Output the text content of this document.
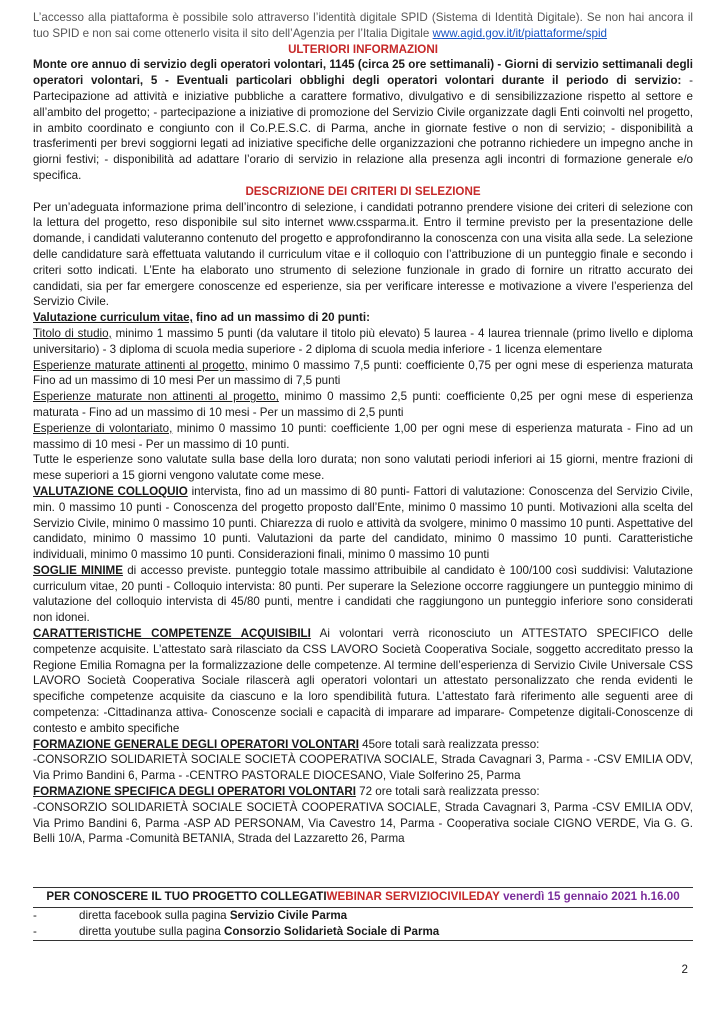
L’accesso alla piattaforma è possibile solo attraverso l’identità digitale SPID (Sistema di Identità Digitale). Se non hai ancora il tuo SPID e non sai come ottenerlo visita il sito dell’Agenzia per l’Italia Digitale www.agid.gov.it/it/piattaforme/spid

ULTERIORI INFORMAZIONI

Monte ore annuo di servizio degli operatori volontari, 1145 (circa 25 ore settimanali) - Giorni di servizio settimanali degli operatori volontari, 5 - Eventuali particolari obblighi degli operatori volontari durante il periodo di servizio: - Partecipazione ad attività e iniziative pubbliche a carattere formativo, divulgativo e di sensibilizzazione rispetto al settore e all’ambito del progetto; - partecipazione a iniziative di promozione del Servizio Civile organizzate dagli Enti coinvolti nel progetto, in ambito coordinato e congiunto con il Co.P.E.S.C. di Parma, anche in giornate festive o non di servizio; - disponibilità a trasferimenti per brevi soggiorni legati ad iniziative specifiche delle organizzazioni che potranno richiedere un impegno anche in giorni festivi; - disponibilità ad adattare l’orario di servizio in relazione alla presenza agli incontri di formazione generale e/o specifica.

DESCRIZIONE DEI CRITERI DI SELEZIONE

Per un’adeguata informazione prima dell’incontro di selezione, i candidati potranno prendere visione dei criteri di selezione con la lettura del progetto, reso disponibile sul sito internet www.cssparma.it. Entro il termine previsto per la presentazione delle domande, i candidati valuteranno contenuto del progetto e approfondiranno la conoscenza con una visita alla sede. La selezione delle candidature sarà effettuata valutando il curriculum vitae e il colloquio con l’attribuzione di un punteggio finale e secondo i criteri sotto indicati. L’Ente ha elaborato uno strumento di selezione funzionale in grado di fornire un ritratto accurato dei candidati, sia per far emergere conoscenze ed esperienze, sia per verificare interesse e motivazione a vivere l’esperienza del Servizio Civile.

Valutazione curriculum vitae, fino ad un massimo di 20 punti:

Titolo di studio, minimo 1 massimo 5 punti (da valutare il titolo più elevato) 5 laurea - 4 laurea triennale (primo livello e diploma universitario) - 3 diploma di scuola media superiore - 2 diploma di scuola media inferiore - 1 licenza elementare

Esperienze maturate attinenti al progetto, minimo 0 massimo 7,5 punti: coefficiente 0,75 per ogni mese di esperienza maturata Fino ad un massimo di 10 mesi Per un massimo di 7,5 punti

Esperienze maturate non attinenti al progetto, minimo 0 massimo 2,5 punti: coefficiente 0,25 per ogni mese di esperienza maturata - Fino ad un massimo di 10 mesi - Per un massimo di 2,5 punti

Esperienze di volontariato, minimo 0 massimo 10 punti: coefficiente 1,00 per ogni mese di esperienza maturata - Fino ad un massimo di 10 mesi - Per un massimo di 10 punti.

Tutte le esperienze sono valutate sulla base della loro durata; non sono valutati periodi inferiori ai 15 giorni, mentre frazioni di mese superiori a 15 giorni vengono valutate come mese.

VALUTAZIONE COLLOQUIO intervista, fino ad un massimo di 80 punti- Fattori di valutazione: Conoscenza del Servizio Civile, min. 0 massimo 10 punti - Conoscenza del progetto proposto dall’Ente, minimo 0 massimo 10 punti. Motivazioni alla scelta del Servizio Civile, minimo 0 massimo 10 punti. Chiarezza di ruolo e attività da svolgere, minimo 0 massimo 10 punti. Aspettative del candidato, minimo 0 massimo 10 punti. Valutazioni da parte del candidato, minimo 0 massimo 10 punti. Caratteristiche individuali, minimo 0 massimo 10 punti. Considerazioni finali, minimo 0 massimo 10 punti

SOGLIE MINIME di accesso previste. punteggio totale massimo attribuibile al candidato è 100/100 così suddivisi: Valutazione curriculum vitae, 20 punti - Colloquio intervista: 80 punti. Per superare la Selezione occorre raggiungere un punteggio minimo di valutazione del colloquio intervista di 45/80 punti, mentre i candidati che raggiungono un punteggio inferiore sono considerati non idonei.

CARATTERISTICHE COMPETENZE ACQUISIBILI Ai volontari verrà riconosciuto un ATTESTATO SPECIFICO delle competenze acquisite. L’attestato sarà rilasciato da CSS LAVORO Società Cooperativa Sociale, soggetto accreditato presso la Regione Emilia Romagna per la formalizzazione delle competenze. Al termine dell’esperienza di Servizio Civile Universale CSS LAVORO Società Cooperativa Sociale rilascerà agli operatori volontari un attestato personalizzato che renda evidenti le specifiche competenze acquisite da ciascuno e la loro spendibilità futura. L’attestato farà riferimento alle seguenti aree di competenza: -Cittadinanza attiva- Conoscenze sociali e capacità di imparare ad imparare- Competenze digitali-Conoscenze di contesto e ambito specifiche

FORMAZIONE GENERALE DEGLI OPERATORI VOLONTARI 45ore totali sarà realizzata presso:

-CONSORZIO SOLIDARIETÀ SOCIALE SOCIETÀ COOPERATIVA SOCIALE, Strada Cavagnari 3, Parma - -CSV EMILIA ODV, Via Primo Bandini 6, Parma - -CENTRO PASTORALE DIOCESANO, Viale Solferino 25, Parma

FORMAZIONE SPECIFICA DEGLI OPERATORI VOLONTARI 72 ore totali sarà realizzata presso:

-CONSORZIO SOLIDARIETÀ SOCIALE SOCIETÀ COOPERATIVA SOCIALE, Strada Cavagnari 3, Parma -CSV EMILIA ODV, Via Primo Bandini 6, Parma -ASP AD PERSONAM, Via Cavestro 14, Parma - Cooperativa sociale CIGNO VERDE, Via G. G. Belli 10/A, Parma -Comunità BETANIA, Strada del Lazzaretto 26, Parma

PER CONOSCERE IL TUO PROGETTO COLLEGATI WEBINAR SERVIZIOCIVILEDAY venerdì 15 gennaio 2021 h.16.00
-	diretta facebook sulla pagina Servizio Civile Parma
-	diretta youtube sulla pagina Consorzio Solidarietà Sociale di Parma
2
